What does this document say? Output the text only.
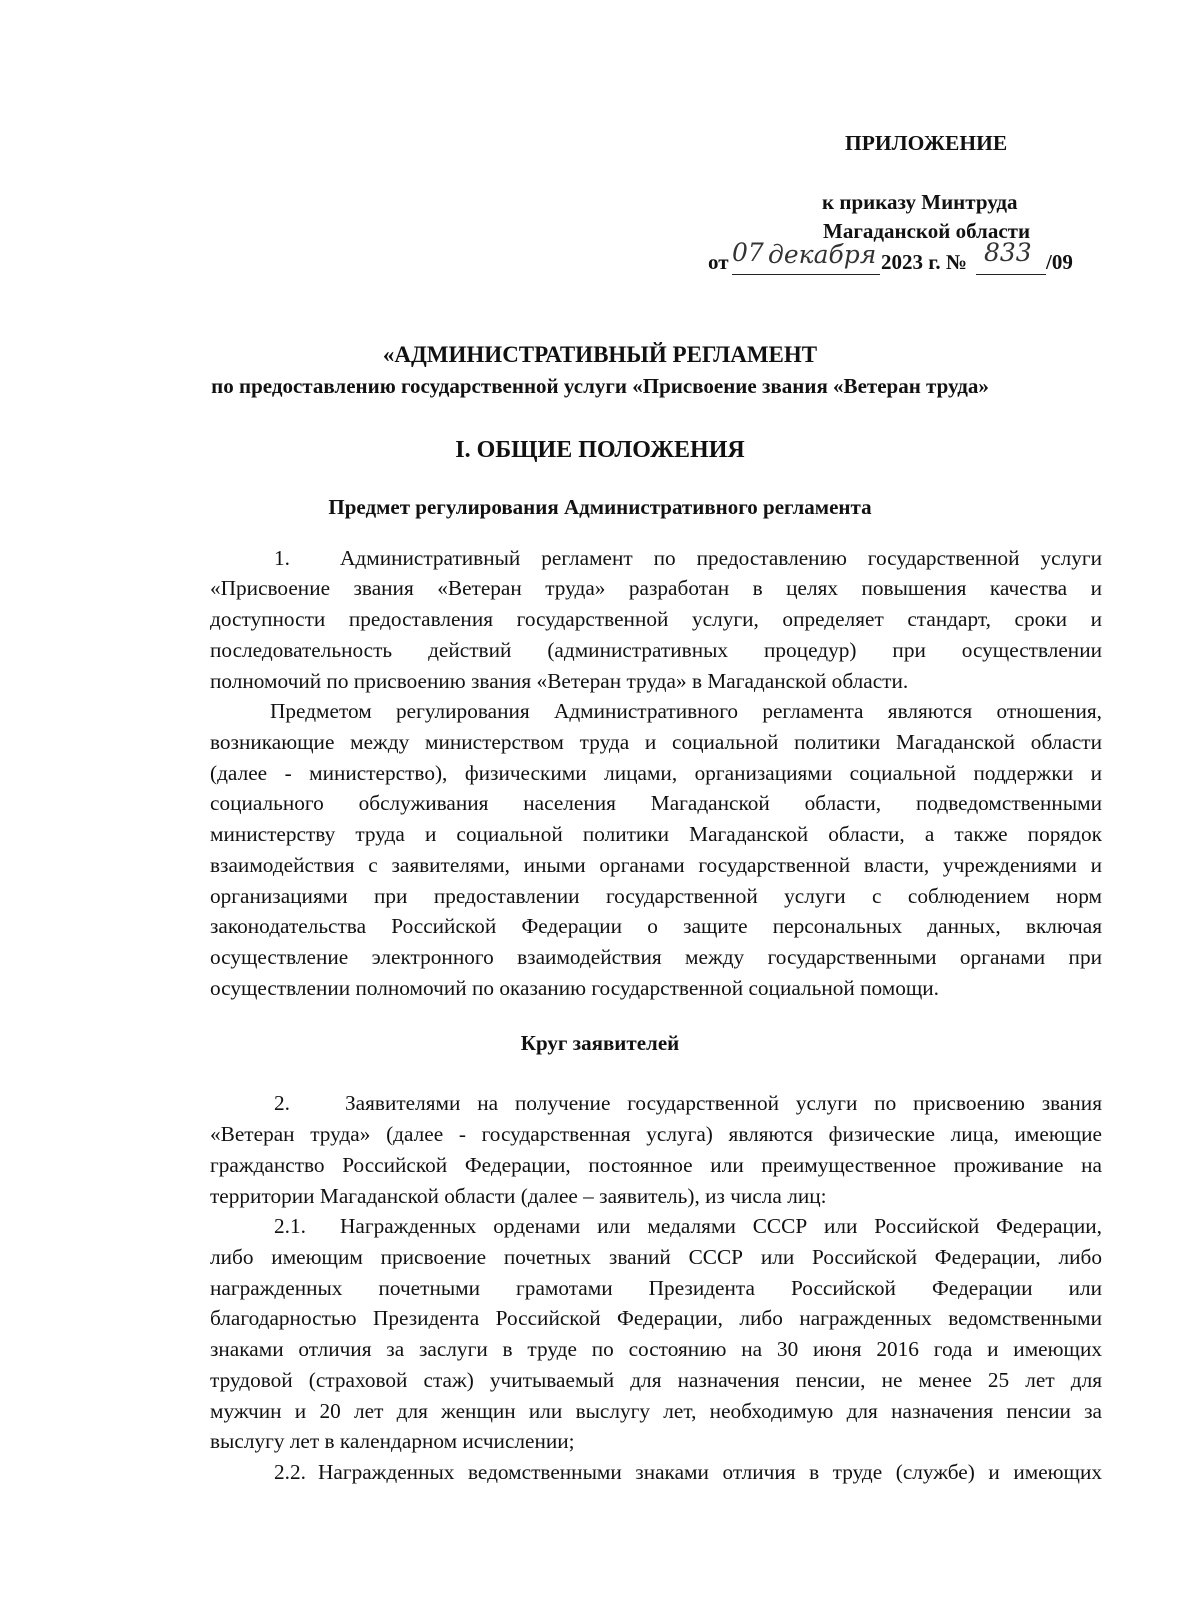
ПРИЛОЖЕНИЕ
к приказу Минтруда
Магаданской области
от 07 декабря 2023 г. № 833 /09
«АДМИНИСТРАТИВНЫЙ РЕГЛАМЕНТ
по предоставлению государственной услуги «Присвоение звания «Ветеран труда»
I. ОБЩИЕ ПОЛОЖЕНИЯ
Предмет регулирования Административного регламента
1. Административный регламент по предоставлению государственной услуги
«Присвоение звания «Ветеран труда» разработан в целях повышения качества и
доступности предоставления государственной услуги, определяет стандарт, сроки и
последовательность действий (административных процедур) при осуществлении
полномочий по присвоению звания «Ветеран труда» в Магаданской области.
Предметом регулирования Административного регламента являются отношения,
возникающие между министерством труда и социальной политики Магаданской области
(далее - министерство), физическими лицами, организациями социальной поддержки и
социального обслуживания населения Магаданской области, подведомственными
министерству труда и социальной политики Магаданской области, а также порядок
взаимодействия с заявителями, иными органами государственной власти, учреждениями и
организациями при предоставлении государственной услуги с соблюдением норм
законодательства Российской Федерации о защите персональных данных, включая
осуществление электронного взаимодействия между государственными органами при
осуществлении полномочий по оказанию государственной социальной помощи.
Круг заявителей
2.	Заявителями на получение государственной услуги по присвоению звания
«Ветеран труда» (далее - государственная услуга) являются физические лица, имеющие
гражданство Российской Федерации, постоянное или преимущественное проживание на
территории Магаданской области (далее – заявитель), из числа лиц:
2.1. Награжденных орденами или медалями СССР или Российской Федерации,
либо имеющим присвоение почетных званий СССР или Российской Федерации, либо
награжденных почетными грамотами Президента Российской Федерации или
благодарностью Президента Российской Федерации, либо награжденных ведомственными
знаками отличия за заслуги в труде по состоянию на 30 июня 2016 года и имеющих
трудовой (страховой стаж) учитываемый для назначения пенсии, не менее 25 лет для
мужчин и 20 лет для женщин или выслугу лет, необходимую для назначения пенсии за
выслугу лет в календарном исчислении;
2.2. Награжденных ведомственными знаками отличия в труде (службе) и имеющих
